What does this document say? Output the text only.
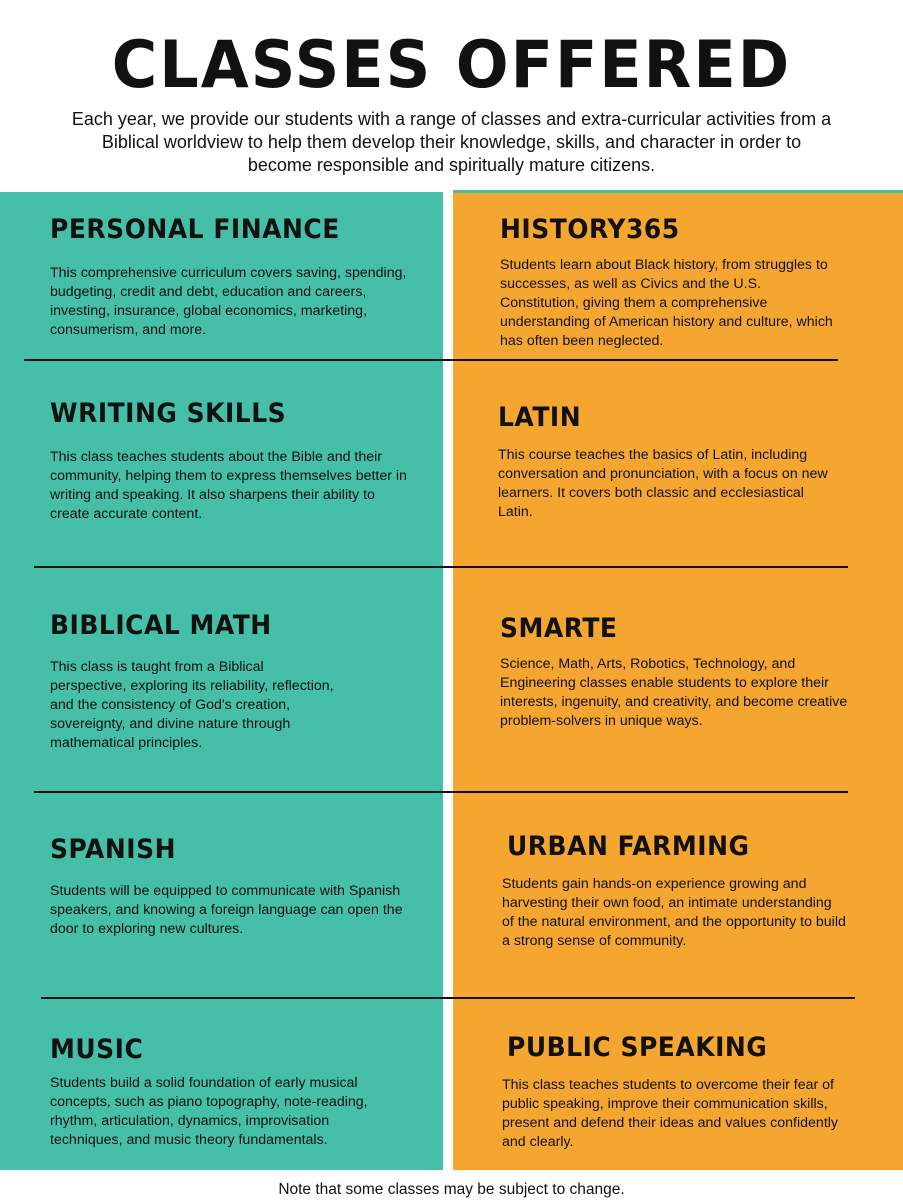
CLASSES OFFERED

Each year, we provide our students with a range of classes and extra-curricular activities from a Biblical worldview to help them develop their knowledge, skills, and character in order to become responsible and spiritually mature citizens.

PERSONAL FINANCE
This comprehensive curriculum covers saving, spending, budgeting, credit and debt, education and careers, investing, insurance, global economics, marketing, consumerism, and more.
WRITING SKILLS
This class teaches students about the Bible and their community, helping them to express themselves better in writing and speaking. It also sharpens their ability to create accurate content.
BIBLICAL MATH
This class is taught from a Biblical perspective, exploring its reliability, reflection, and the consistency of God's creation, sovereignty, and divine nature through mathematical principles.
SPANISH
Students will be equipped to communicate with Spanish speakers, and knowing a foreign language can open the door to exploring new cultures.
MUSIC
Students build a solid foundation of early musical concepts, such as piano topography, note-reading, rhythm, articulation, dynamics, improvisation techniques, and music theory fundamentals.
HISTORY365
Students learn about Black history, from struggles to successes, as well as Civics and the U.S. Constitution, giving them a comprehensive understanding of American history and culture, which has often been neglected.
LATIN
This course teaches the basics of Latin, including conversation and pronunciation, with a focus on new learners. It covers both classic and ecclesiastical Latin.
SMARTE
Science, Math, Arts, Robotics, Technology, and Engineering classes enable students to explore their interests, ingenuity, and creativity, and become creative problem-solvers in unique ways.
URBAN FARMING
Students gain hands-on experience growing and harvesting their own food, an intimate understanding of the natural environment, and the opportunity to build a strong sense of community.
PUBLIC SPEAKING
This class teaches students to overcome their fear of public speaking, improve their communication skills, present and defend their ideas and values confidently and clearly.

Note that some classes may be subject to change.
